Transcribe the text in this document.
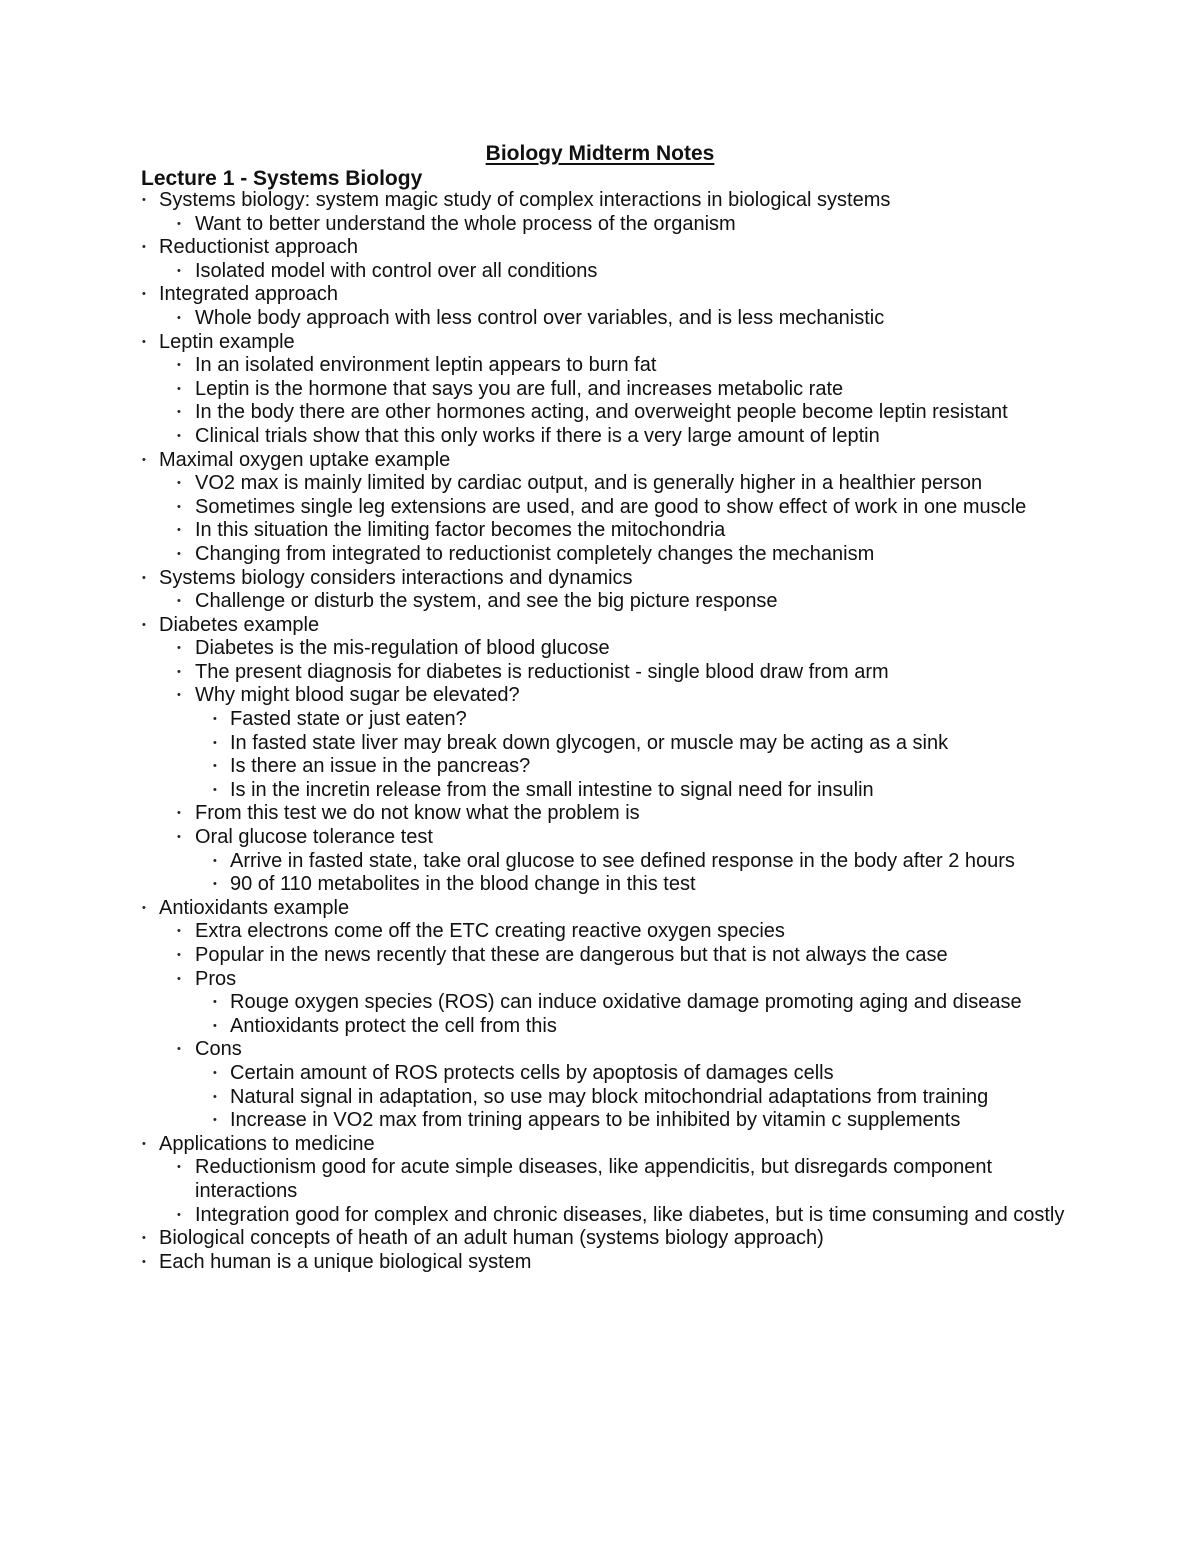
Biology Midterm Notes
Lecture 1 - Systems Biology
• Systems biology: system magic study of complex interactions in biological systems
• Want to better understand the whole process of the organism
• Reductionist approach
• Isolated model with control over all conditions
• Integrated approach
• Whole body approach with less control over variables, and is less mechanistic
• Leptin example
• In an isolated environment leptin appears to burn fat
• Leptin is the hormone that says you are full, and increases metabolic rate
• In the body there are other hormones acting, and overweight people become leptin resistant
• Clinical trials show that this only works if there is a very large amount of leptin
• Maximal oxygen uptake example
• VO2 max is mainly limited by cardiac output, and is generally higher in a healthier person
• Sometimes single leg extensions are used, and are good to show effect of work in one muscle
• In this situation the limiting factor becomes the mitochondria
• Changing from integrated to reductionist completely changes the mechanism
• Systems biology considers interactions and dynamics
• Challenge or disturb the system, and see the big picture response
• Diabetes example
• Diabetes is the mis-regulation of blood glucose
• The present diagnosis for diabetes is reductionist - single blood draw from arm
• Why might blood sugar be elevated?
• Fasted state or just eaten?
• In fasted state liver may break down glycogen, or muscle may be acting as a sink
• Is there an issue in the pancreas?
• Is in the incretin release from the small intestine to signal need for insulin
• From this test we do not know what the problem is
• Oral glucose tolerance test
• Arrive in fasted state, take oral glucose to see defined response in the body after 2 hours
• 90 of 110 metabolites in the blood change in this test
• Antioxidants example
• Extra electrons come off the ETC creating reactive oxygen species
• Popular in the news recently that these are dangerous but that is not always the case
• Pros
• Rouge oxygen species (ROS) can induce oxidative damage promoting aging and disease
• Antioxidants protect the cell from this
• Cons
• Certain amount of ROS protects cells by apoptosis of damages cells
• Natural signal in adaptation, so use may block mitochondrial adaptations from training
• Increase in VO2 max from trining appears to be inhibited by vitamin c supplements
• Applications to medicine
• Reductionism good for acute simple diseases, like appendicitis, but disregards component interactions
• Integration good for complex and chronic diseases, like diabetes, but is time consuming and costly
• Biological concepts of heath of an adult human (systems biology approach)
• Each human is a unique biological system
